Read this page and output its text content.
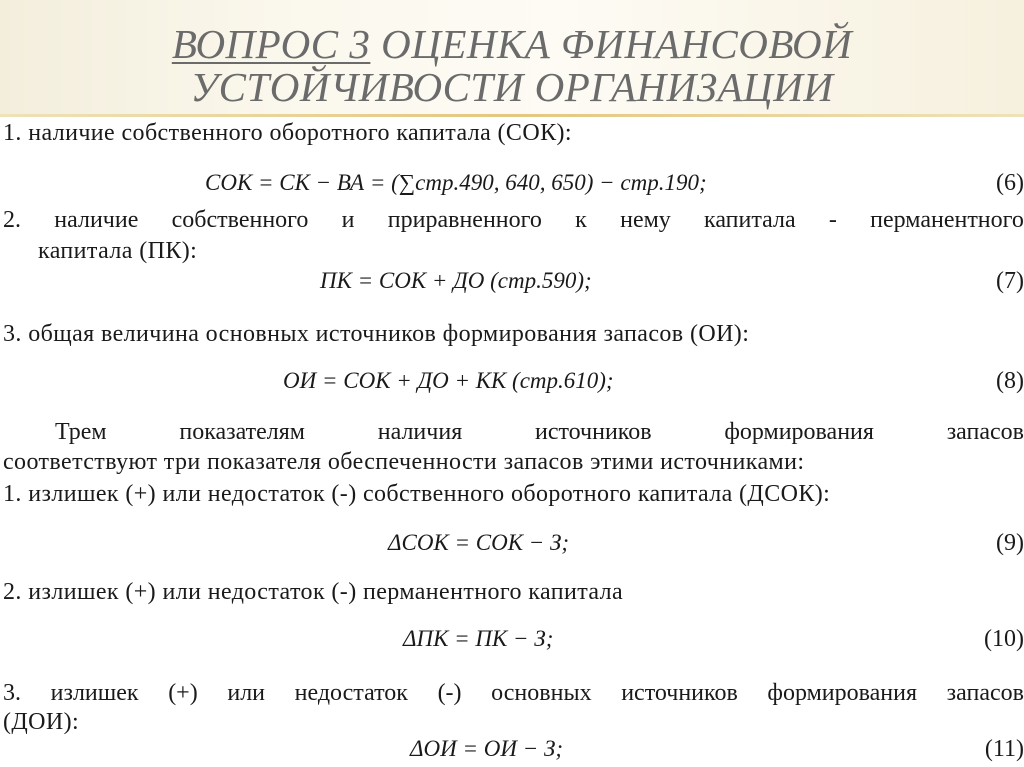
ВОПРОС 3 ОЦЕНКА ФИНАНСОВОЙ
УСТОЙЧИВОСТИ ОРГАНИЗАЦИИ
1. наличие собственного оборотного капитала (СОК):
СОК = СК − ВА = (∑стр.490, 640, 650) − стр.190;	(6)
2. наличие собственного и приравненного к нему капитала - перманентного
капитала (ПК):
ПК = СОК + ДО (стр.590);	(7)
3. общая величина основных источников формирования запасов (ОИ):
ОИ = СОК + ДО + КК (стр.610);	(8)
Трем	показателям	наличия	источников	формирования	запасов
соответствуют три показателя обеспеченности запасов этими источниками:
1. излишек (+) или недостаток (-) собственного оборотного капитала (ДСОК):
ΔСОК = СОК − З;	(9)
2. излишек (+) или недостаток (-) перманентного капитала
ΔПК = ПК − З;	(10)
3. излишек (+) или недостаток (-) основных источников формирования запасов
(ДОИ):
ΔОИ = ОИ − З;	(11)
